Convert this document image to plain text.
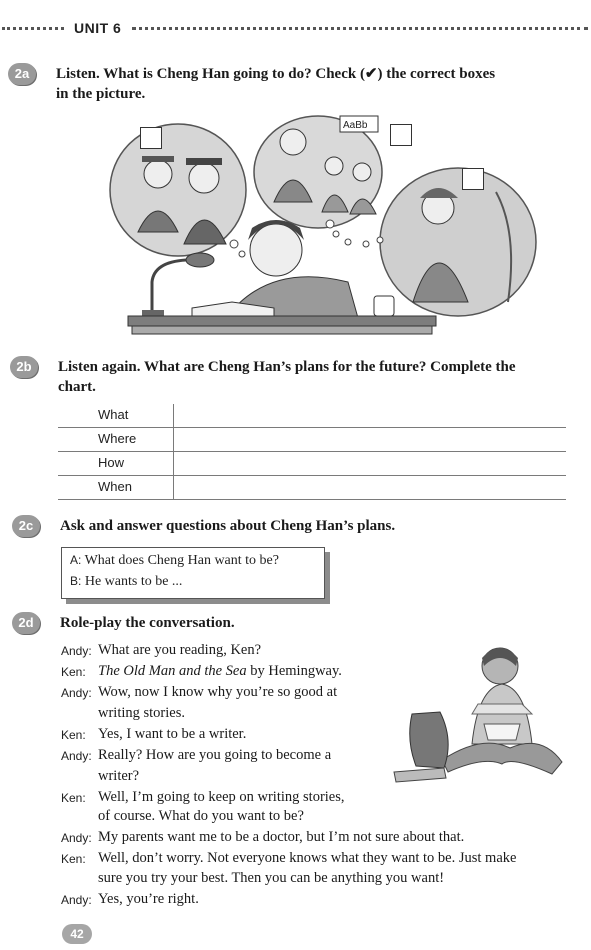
UNIT 6
2a	Listen. What is Cheng Han going to do? Check (✔) the correct boxes
in the picture.
AaBb
2b	Listen again. What are Cheng Han’s plans for the future? Complete the
chart.
What
Where
How
When
2c	Ask and answer questions about Cheng Han’s plans.
A: What does Cheng Han want to be?
B: He wants to be ...
2d	Role-play the conversation.
Andy: What are you reading, Ken?
Ken: The Old Man and the Sea by Hemingway.
Andy: Wow, now I know why you’re so good at
writing stories.
Ken: Yes, I want to be a writer.
Andy: Really? How are you going to become a
writer?
Ken: Well, I’m going to keep on writing stories,
of course. What do you want to be?
Andy: My parents want me to be a doctor, but I’m not sure about that.
Ken: Well, don’t worry. Not everyone knows what they want to be. Just make
sure you try your best. Then you can be anything you want!
Andy: Yes, you’re right.
42
